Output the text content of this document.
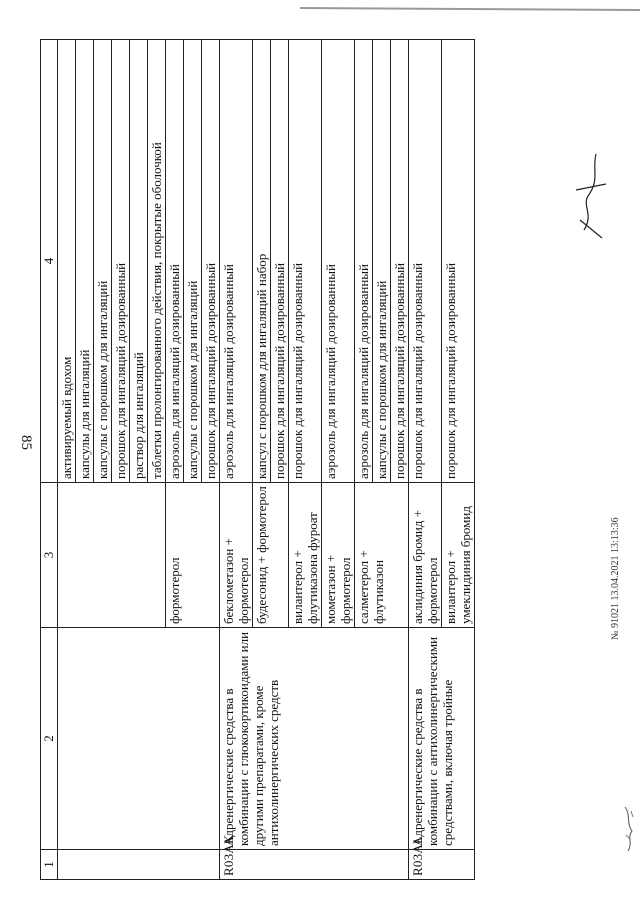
85
1	2	3	4
			активируемый вдохом
			капсулы для ингаляций
			капсулы с порошком для ингаляций
			порошок для ингаляций дозированный
			раствор для ингаляций
			таблетки пролонгированного действия, покрытые оболочкой
		формотерол	аэрозоль для ингаляций дозированный
			капсулы с порошком для ингаляций
			порошок для ингаляций дозированный
R03AK	Адренергические средства в комбинации с глюкокортикоидами или другими препаратами, кроме антихолинергических средств	беклометазон + формотерол	аэрозоль для ингаляций дозированный
		будесонид + формотерол	капсул с порошком для ингаляций набор
			порошок для ингаляций дозированный
		вилантерол + флутиказона фуроат	порошок для ингаляций дозированный
		мометазон + формотерол	аэрозоль для ингаляций дозированный
		салметерол + флутиказон	аэрозоль для ингаляций дозированный
			капсулы с порошком для ингаляций
			порошок для ингаляций дозированный
R03AL	Адренергические средства в комбинации с антихолинергическими средствами, включая тройные	аклидиния бромид + формотерол	порошок для ингаляций дозированный
		вилантерол + умеклидиния бромид	порошок для ингаляций дозированный
№ 91021 13.04.2021 13:13:36
